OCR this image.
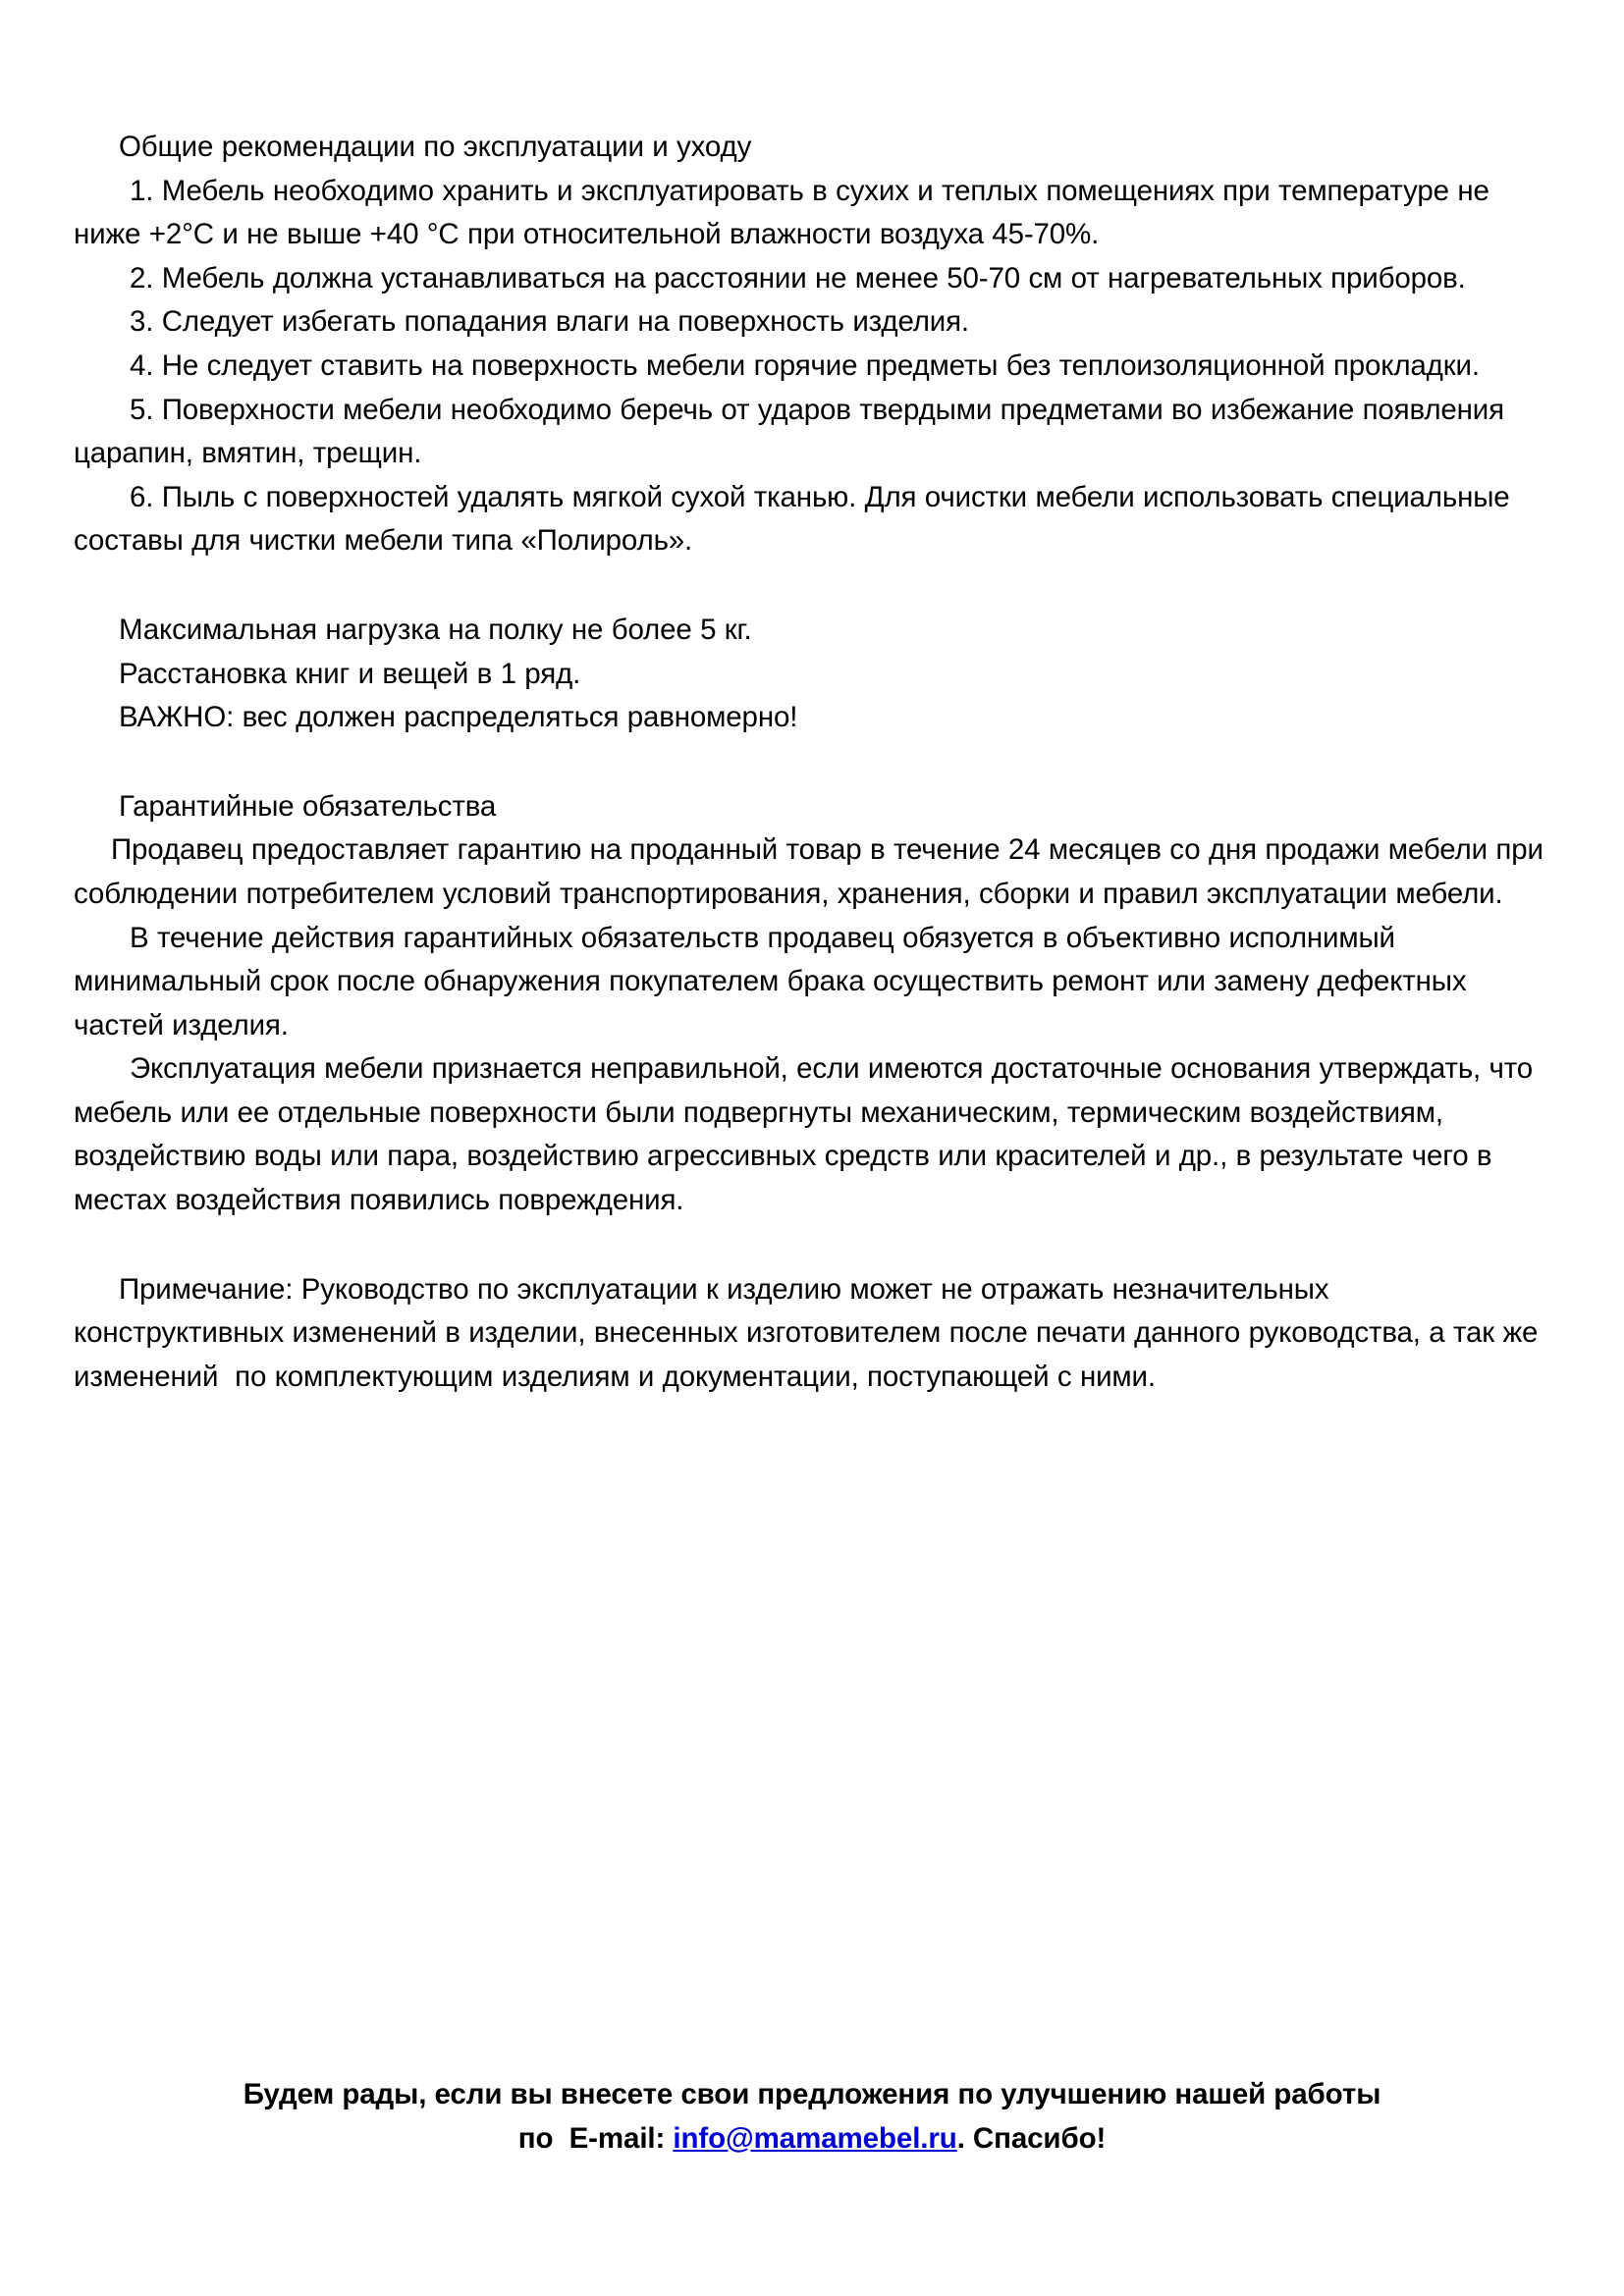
Общие рекомендации по эксплуатации и уходу

1. Мебель необходимо хранить и эксплуатировать в сухих и теплых помещениях при температуре не ниже +2°С и не выше +40 °С при относительной влажности воздуха 45-70%.

2. Мебель должна устанавливаться на расстоянии не менее 50-70 см от нагревательных приборов.

3. Следует избегать попадания влаги на поверхность изделия.

4. Не следует ставить на поверхность мебели горячие предметы без теплоизоляционной прокладки.

5. Поверхности мебели необходимо беречь от ударов твердыми предметами во избежание появления царапин, вмятин, трещин.

6. Пыль с поверхностей удалять мягкой сухой тканью. Для очистки мебели использовать специальные составы для чистки мебели типа «Полироль».

Максимальная нагрузка на полку не более 5 кг.

Расстановка книг и вещей в 1 ряд.

ВАЖНО: вес должен распределяться равномерно!

Гарантийные обязательства

Продавец предоставляет гарантию на проданный товар в течение 24 месяцев со дня продажи мебели при  соблюдении потребителем условий транспортирования, хранения, сборки и правил эксплуатации мебели.

В течение действия гарантийных обязательств продавец обязуется в объективно исполнимый минимальный срок после обнаружения покупателем брака осуществить ремонт или замену дефектных частей изделия.

Эксплуатация мебели признается неправильной, если имеются достаточные основания утверждать, что мебель или ее отдельные поверхности были подвергнуты механическим, термическим воздействиям, воздействию воды или пара, воздействию агрессивных средств или красителей и др., в результате чего в местах воздействия появились повреждения.

Примечание: Руководство по эксплуатации к изделию может не отражать незначительных конструктивных изменений в изделии, внесенных изготовителем после печати данного руководства, а так же изменений  по комплектующим изделиям и документации, поступающей с ними.

Будем рады, если вы внесете свои предложения по улучшению нашей работы
по  E-mail: info@mamamebel.ru. Спасибо!
